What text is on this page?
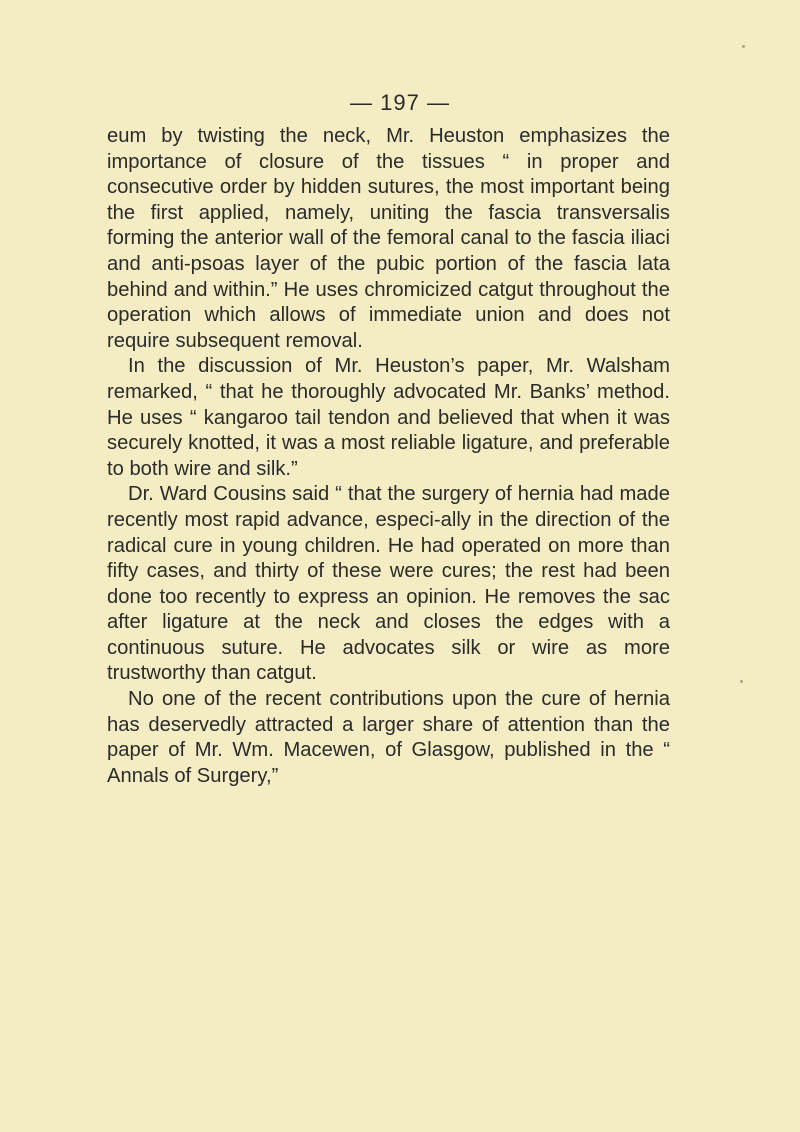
— 197 —

eum by twisting the neck, Mr. Heuston emphasizes the importance of closure of the tissues “ in proper and consecutive order by hidden sutures, the most important being the first applied, namely, uniting the fascia transversalis forming the anterior wall of the femoral canal to the fascia iliaci and anti-psoas layer of the pubic portion of the fascia lata behind and within.” He uses chromicized catgut throughout the operation which allows of immediate union and does not require subsequent removal.

In the discussion of Mr. Heuston’s paper, Mr. Walsham remarked, “ that he thoroughly advocated Mr. Banks’ method. He uses “ kangaroo tail tendon and believed that when it was securely knotted, it was a most reliable ligature, and preferable to both wire and silk.”

Dr. Ward Cousins said “ that the surgery of hernia had made recently most rapid advance, especi-ally in the direction of the radical cure in young children. He had operated on more than fifty cases, and thirty of these were cures; the rest had been done too recently to express an opinion. He removes the sac after ligature at the neck and closes the edges with a continuous suture. He advocates silk or wire as more trustworthy than catgut.

No one of the recent contributions upon the cure of hernia has deservedly attracted a larger share of attention than the paper of Mr. Wm. Macewen, of Glasgow, published in the “ Annals of Surgery,”
